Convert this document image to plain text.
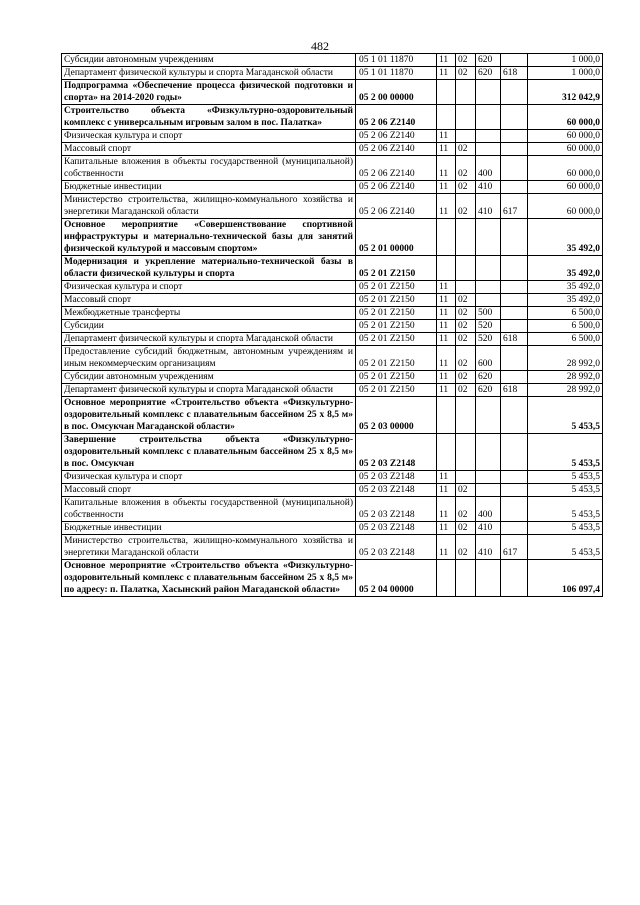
482
Субсидии автономным учреждениям	05 1 01 11870	11	02	620		1 000,0
Департамент физической культуры и спорта Магаданской области	05 1 01 11870	11	02	620	618	1 000,0
Подпрограмма «Обеспечение процесса физической подготовки и спорта» на 2014-2020 годы»	05 2 00 00000					312 042,9
Строительство объекта «Физкультурно-оздоровительный комплекс с универсальным игровым залом в пос. Палатка»	05 2 06 Z2140					60 000,0
Физическая культура и спорт	05 2 06 Z2140	11				60 000,0
Массовый спорт	05 2 06 Z2140	11	02			60 000,0
Капитальные вложения в объекты государственной (муниципальной) собственности	05 2 06 Z2140	11	02	400		60 000,0
Бюджетные инвестиции	05 2 06 Z2140	11	02	410		60 000,0
Министерство строительства, жилищно-коммунального хозяйства и энергетики Магаданской области	05 2 06 Z2140	11	02	410	617	60 000,0
Основное мероприятие «Совершенствование спортивной инфраструктуры и материально-технической базы для занятий физической культурой и массовым спортом»	05 2 01 00000					35 492,0
Модернизация и укрепление материально-технической базы в области физической культуры и спорта	05 2 01 Z2150					35 492,0
Физическая культура и спорт	05 2 01 Z2150	11				35 492,0
Массовый спорт	05 2 01 Z2150	11	02			35 492,0
Межбюджетные трансферты	05 2 01 Z2150	11	02	500		6 500,0
Субсидии	05 2 01 Z2150	11	02	520		6 500,0
Департамент физической культуры и спорта Магаданской области	05 2 01 Z2150	11	02	520	618	6 500,0
Предоставление субсидий бюджетным, автономным учреждениям и иным некоммерческим организациям	05 2 01 Z2150	11	02	600		28 992,0
Субсидии автономным учреждениям	05 2 01 Z2150	11	02	620		28 992,0
Департамент физической культуры и спорта Магаданской области	05 2 01 Z2150	11	02	620	618	28 992,0
Основное мероприятие «Строительство объекта «Физкультурно-оздоровительный комплекс с плавательным бассейном 25 х 8,5 м» в пос. Омсукчан Магаданской области»	05 2 03 00000					5 453,5
Завершение строительства объекта «Физкультурно-оздоровительный комплекс с плавательным бассейном 25 х 8,5 м» в пос. Омсукчан	05 2 03 Z2148					5 453,5
Физическая культура и спорт	05 2 03 Z2148	11				5 453,5
Массовый спорт	05 2 03 Z2148	11	02			5 453,5
Капитальные вложения в объекты государственной (муниципальной) собственности	05 2 03 Z2148	11	02	400		5 453,5
Бюджетные инвестиции	05 2 03 Z2148	11	02	410		5 453,5
Министерство строительства, жилищно-коммунального хозяйства и энергетики Магаданской области	05 2 03 Z2148	11	02	410	617	5 453,5
Основное мероприятие «Строительство объекта «Физкультурно-оздоровительный комплекс с плавательным бассейном 25 х 8,5 м» по адресу: п. Палатка, Хасынский район Магаданской области»	05 2 04 00000					106 097,4
